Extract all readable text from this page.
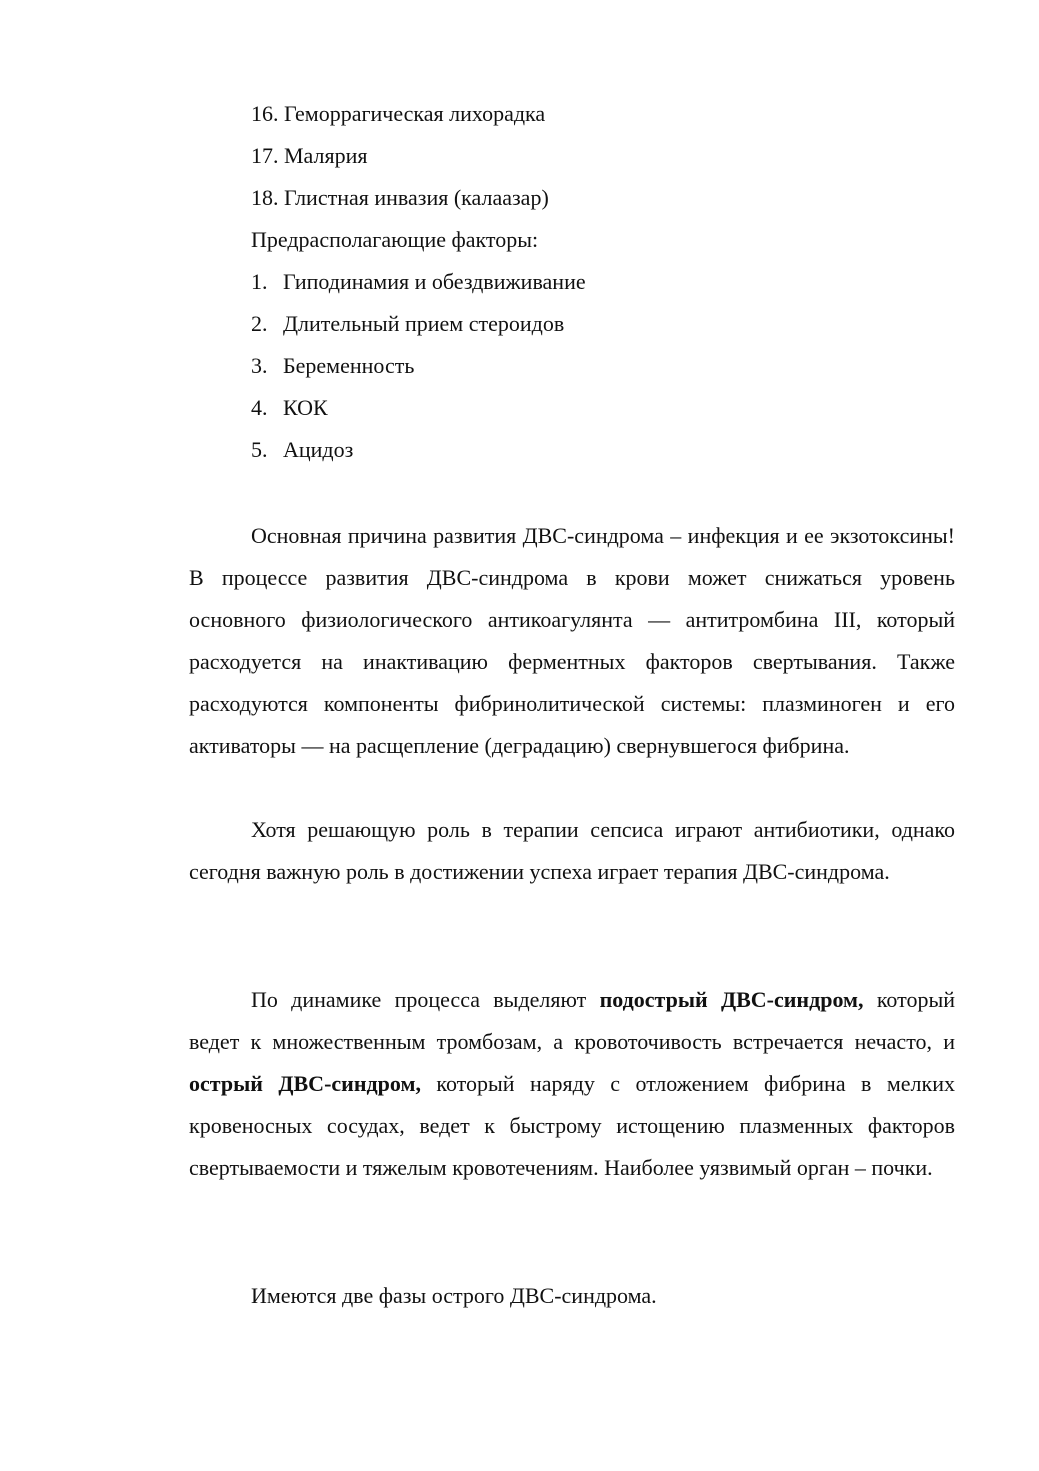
16. Геморрагическая лихорадка
17. Малярия
18. Глистная инвазия (калаазар)
Предрасполагающие факторы:
1. Гиподинамия и обездвиживание
2. Длительный прием стероидов
3. Беременность
4. КОК
5. Ацидоз

Основная причина развития ДВС-синдрома – инфекция и ее экзотоксины! В процессе развития ДВС-синдрома в крови может снижаться уровень основного физиологического антикоагулянта — антитромбина III, который расходуется на инактивацию ферментных факторов свертывания. Также расходуются компоненты фибринолитической системы: плазминоген и его активаторы — на расщепление (деградацию) свернувшегося фибрина.

Хотя решающую роль в терапии сепсиса играют антибиотики, однако сегодня важную роль в достижении успеха играет терапия ДВС-синдрома.

По динамике процесса выделяют подострый ДВС-синдром, который ведет к множественным тромбозам, а кровоточивость встречается нечасто, и острый ДВС-синдром, который наряду с отложением фибрина в мелких кровеносных сосудах, ведет к быстрому истощению плазменных факторов свертываемости и тяжелым кровотечениям. Наиболее уязвимый орган – почки.

Имеются две фазы острого ДВС-синдрома.
